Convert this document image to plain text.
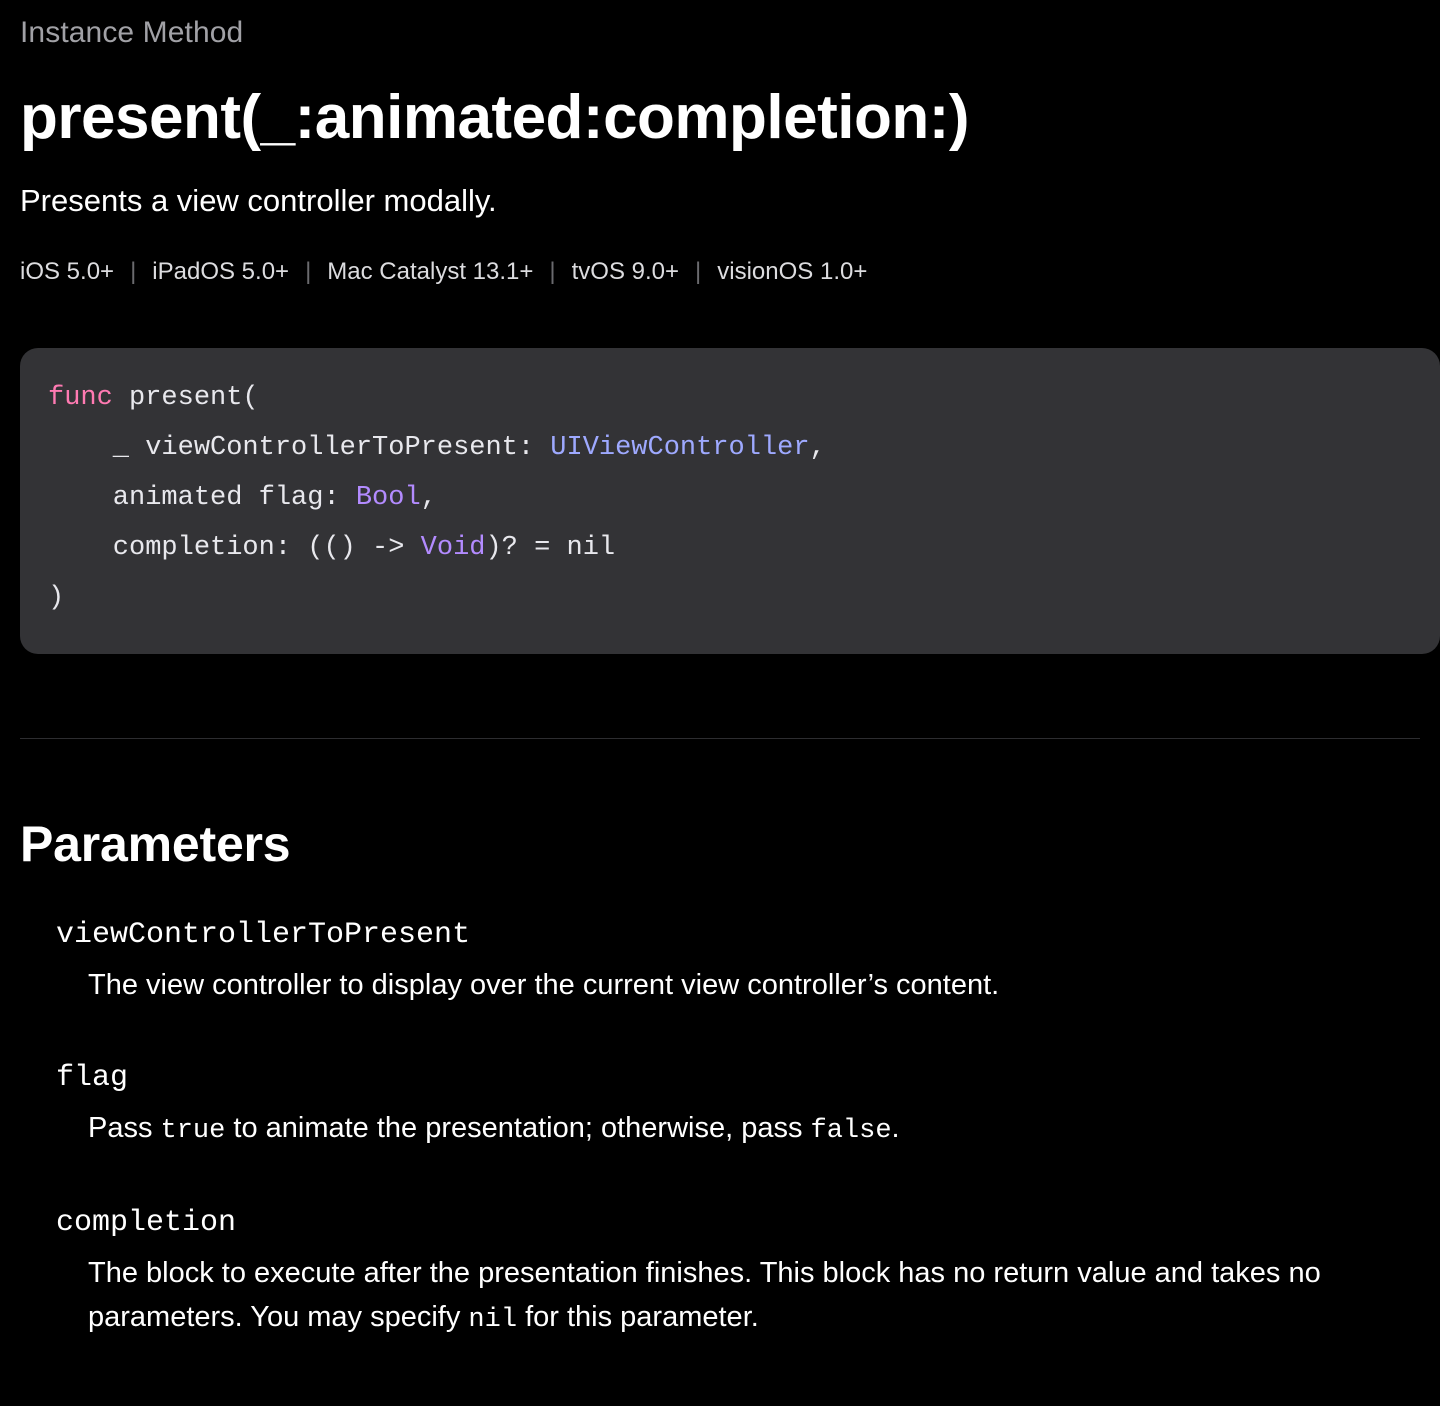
Instance Method
present(_:animated:completion:)
Presents a view controller modally.
iOS 5.0+ | iPadOS 5.0+ | Mac Catalyst 13.1+ | tvOS 9.0+ | visionOS 1.0+
func present(
_ viewControllerToPresent: UIViewController,
animated flag: Bool,
completion: (() -> Void)? = nil
)
Parameters
viewControllerToPresent
The view controller to display over the current view controller’s content.
flag
Pass true to animate the presentation; otherwise, pass false.
completion
The block to execute after the presentation finishes. This block has no return value and takes no parameters. You may specify nil for this parameter.
